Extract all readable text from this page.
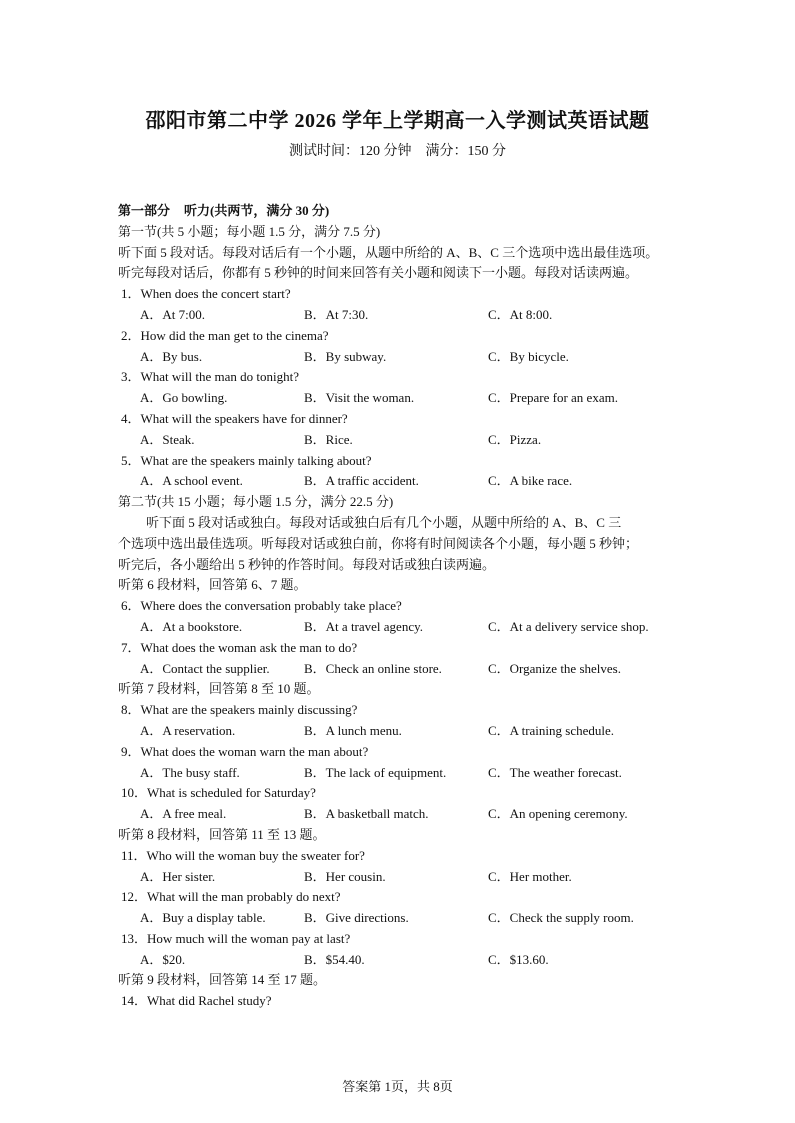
邵阳市第二中学 2026 学年上学期高一入学测试英语试题
测试时间：120 分钟　满分：150 分
第一部分 听力(共两节，满分 30 分)
第一节(共 5 小题；每小题 1.5 分，满分 7.5 分)
听下面 5 段对话。每段对话后有一个小题，从题中所给的 A、B、C 三个选项中选出最佳选项。
听完每段对话后，你都有 5 秒钟的时间来回答有关小题和阅读下一小题。每段对话读两遍。
1．When does the concert start?
A．At 7:00.	B．At 7:30.	C．At 8:00.
2．How did the man get to the cinema?
A．By bus.	B．By subway.	C．By bicycle.
3．What will the man do tonight?
A．Go bowling.	B．Visit the woman.	C．Prepare for an exam.
4．What will the speakers have for dinner?
A．Steak.	B．Rice.	C．Pizza.
5．What are the speakers mainly talking about?
A．A school event.	B．A traffic accident.	C．A bike race.
第二节(共 15 小题；每小题 1.5 分，满分 22.5 分)
听下面 5 段对话或独白。每段对话或独白后有几个小题，从题中所给的 A、B、C 三
个选项中选出最佳选项。听每段对话或独白前，你将有时间阅读各个小题，每小题 5 秒钟；
听完后，各小题给出 5 秒钟的作答时间。每段对话或独白读两遍。
听第 6 段材料，回答第 6、7 题。
6．Where does the conversation probably take place?
A．At a bookstore.	B．At a travel agency.	C．At a delivery service shop.
7．What does the woman ask the man to do?
A．Contact the supplier.	B．Check an online store.	C．Organize the shelves.
听第 7 段材料，回答第 8 至 10 题。
8．What are the speakers mainly discussing?
A．A reservation.	B．A lunch menu.	C．A training schedule.
9．What does the woman warn the man about?
A．The busy staff.	B．The lack of equipment.	C．The weather forecast.
10．What is scheduled for Saturday?
A．A free meal.	B．A basketball match.	C．An opening ceremony.
听第 8 段材料，回答第 11 至 13 题。
11．Who will the woman buy the sweater for?
A．Her sister.	B．Her cousin.	C．Her mother.
12．What will the man probably do next?
A．Buy a display table.	B．Give directions.	C．Check the supply room.
13．How much will the woman pay at last?
A．$20.	B．$54.40.	C．$13.60.
听第 9 段材料，回答第 14 至 17 题。
14．What did Rachel study?
答案第 1页，共 8页
